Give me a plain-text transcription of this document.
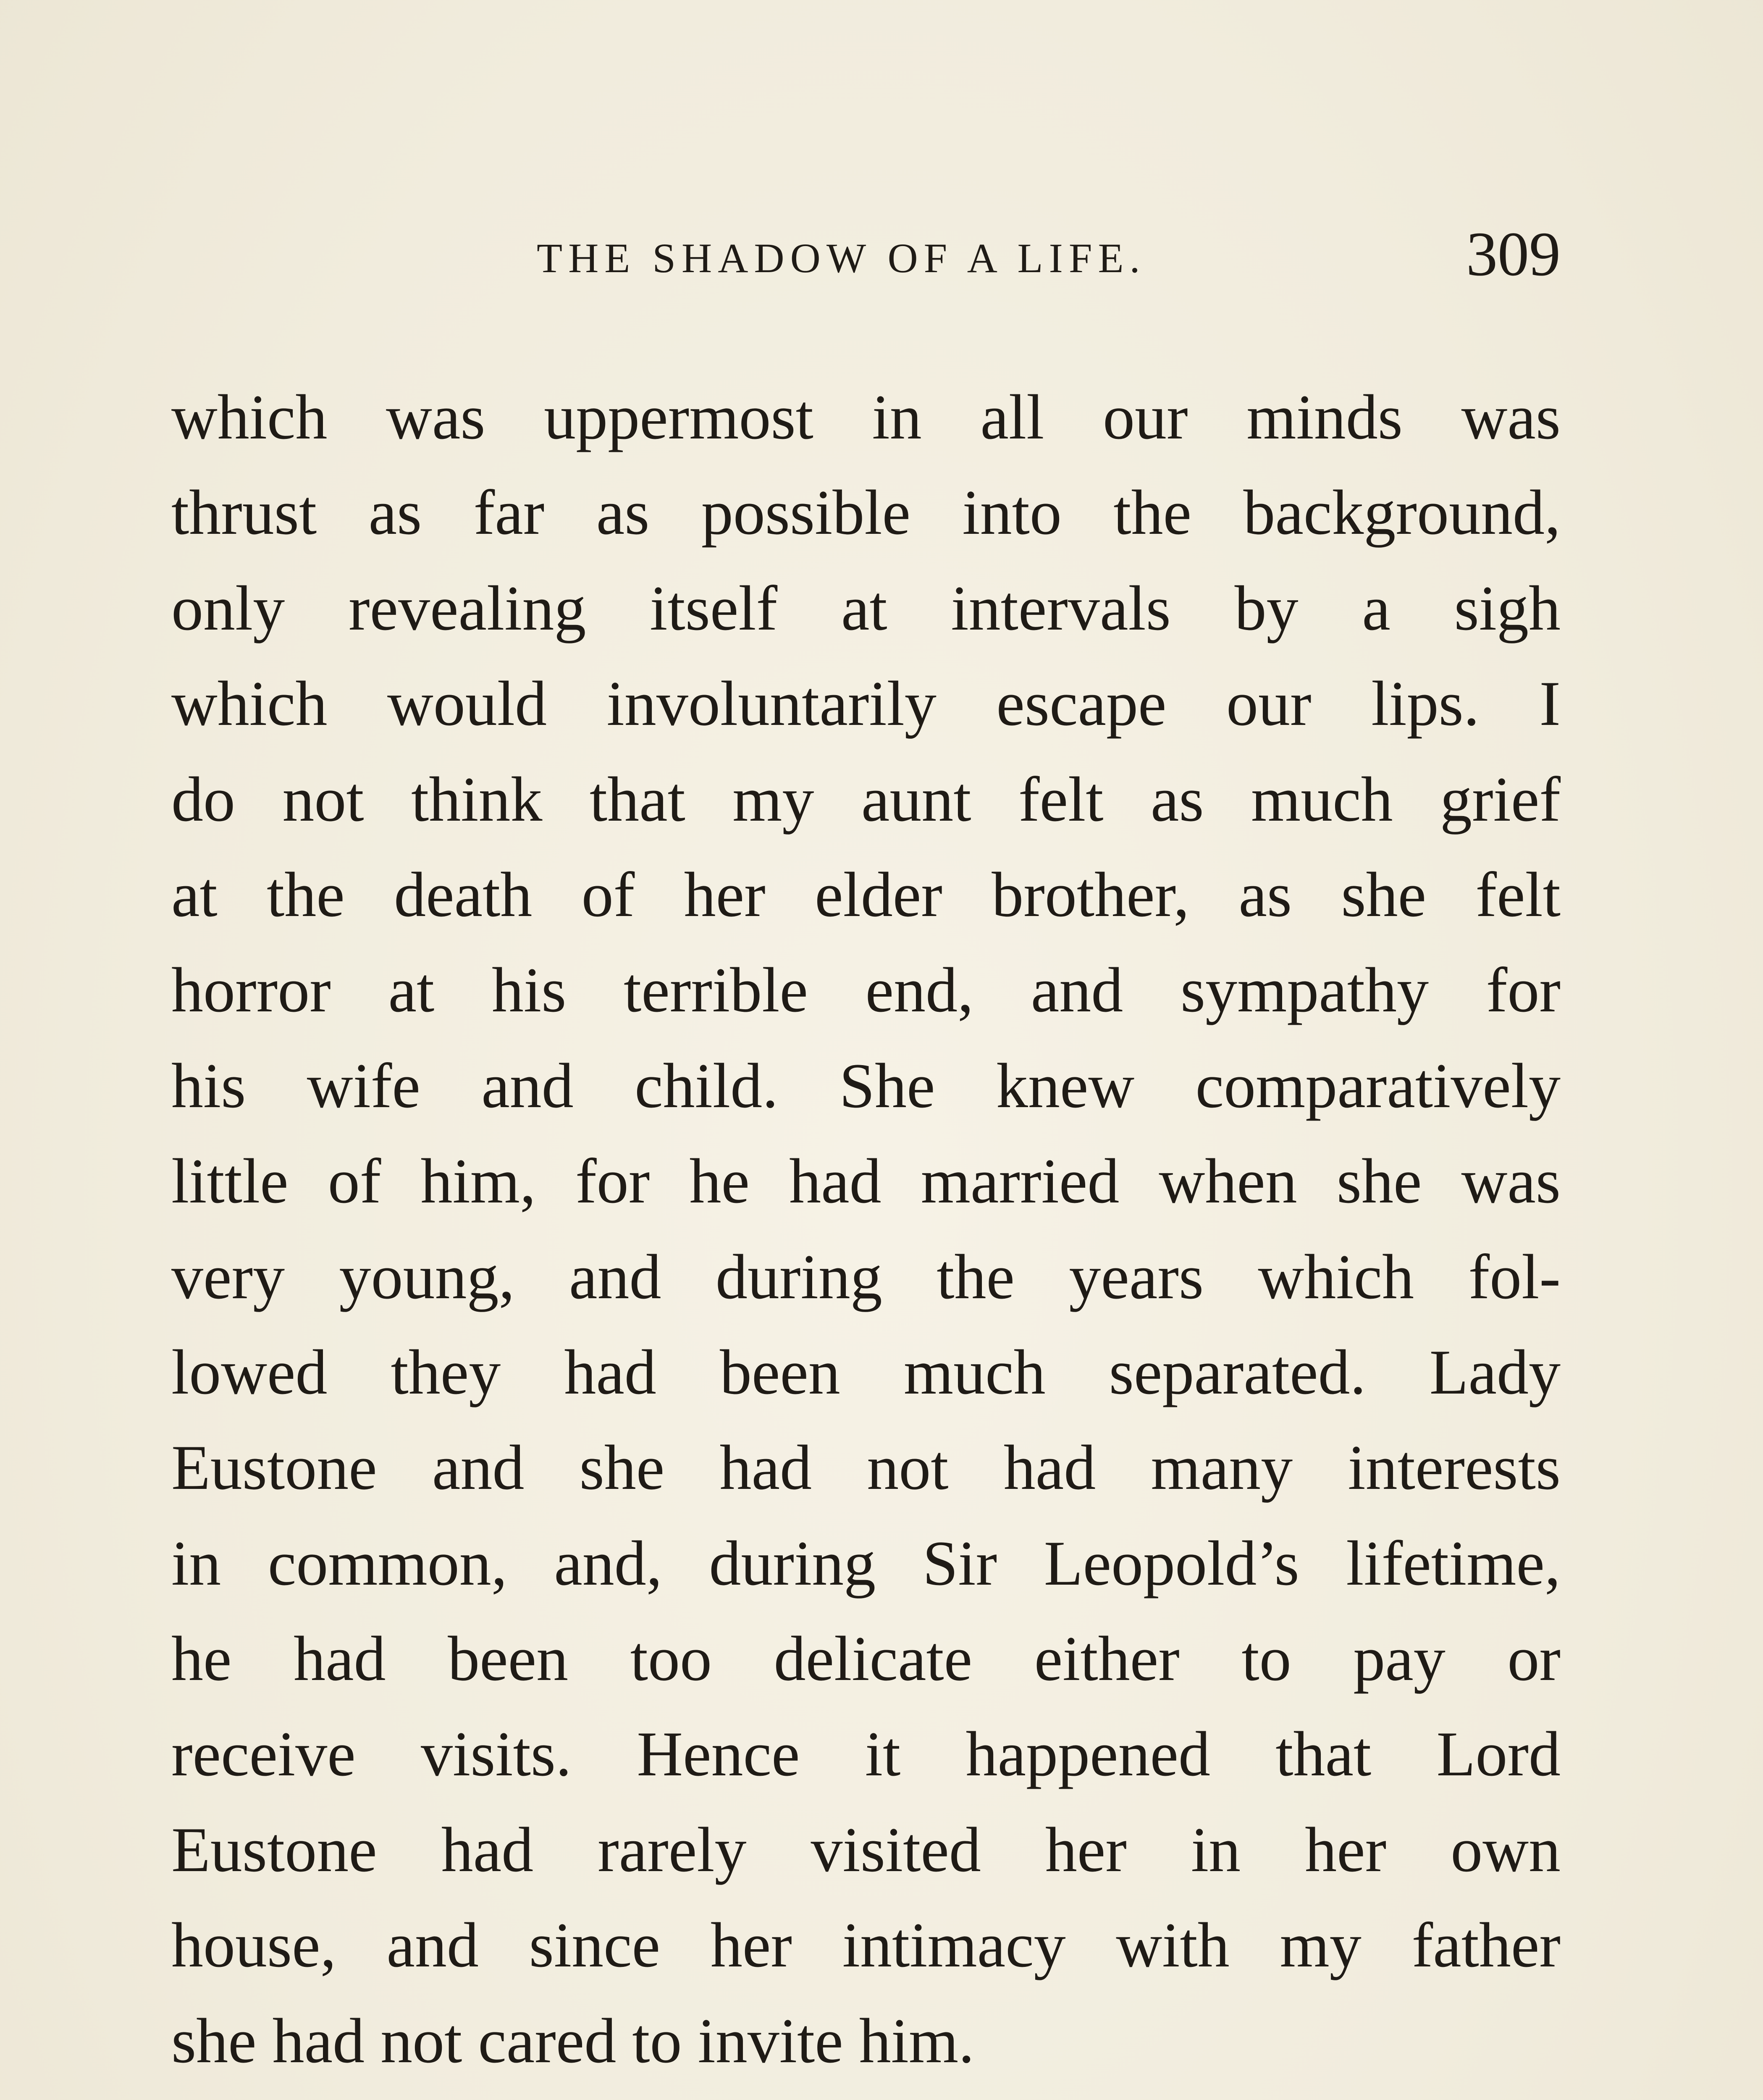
THE SHADOW OF A LIFE.	309
which was uppermost in all our minds was
thrust as far as possible into the background,
only revealing itself at intervals by a sigh
which would involuntarily escape our lips. I
do not think that my aunt felt as much grief
at the death of her elder brother, as she felt
horror at his terrible end, and sympathy for
his wife and child. She knew comparatively
little of him, for he had married when she was
very young, and during the years which fol-
lowed they had been much separated. Lady
Eustone and she had not had many interests
in common, and, during Sir Leopold’s lifetime,
he had been too delicate either to pay or
receive visits. Hence it happened that Lord
Eustone had rarely visited her in her own
house, and since her intimacy with my father
she had not cared to invite him.
